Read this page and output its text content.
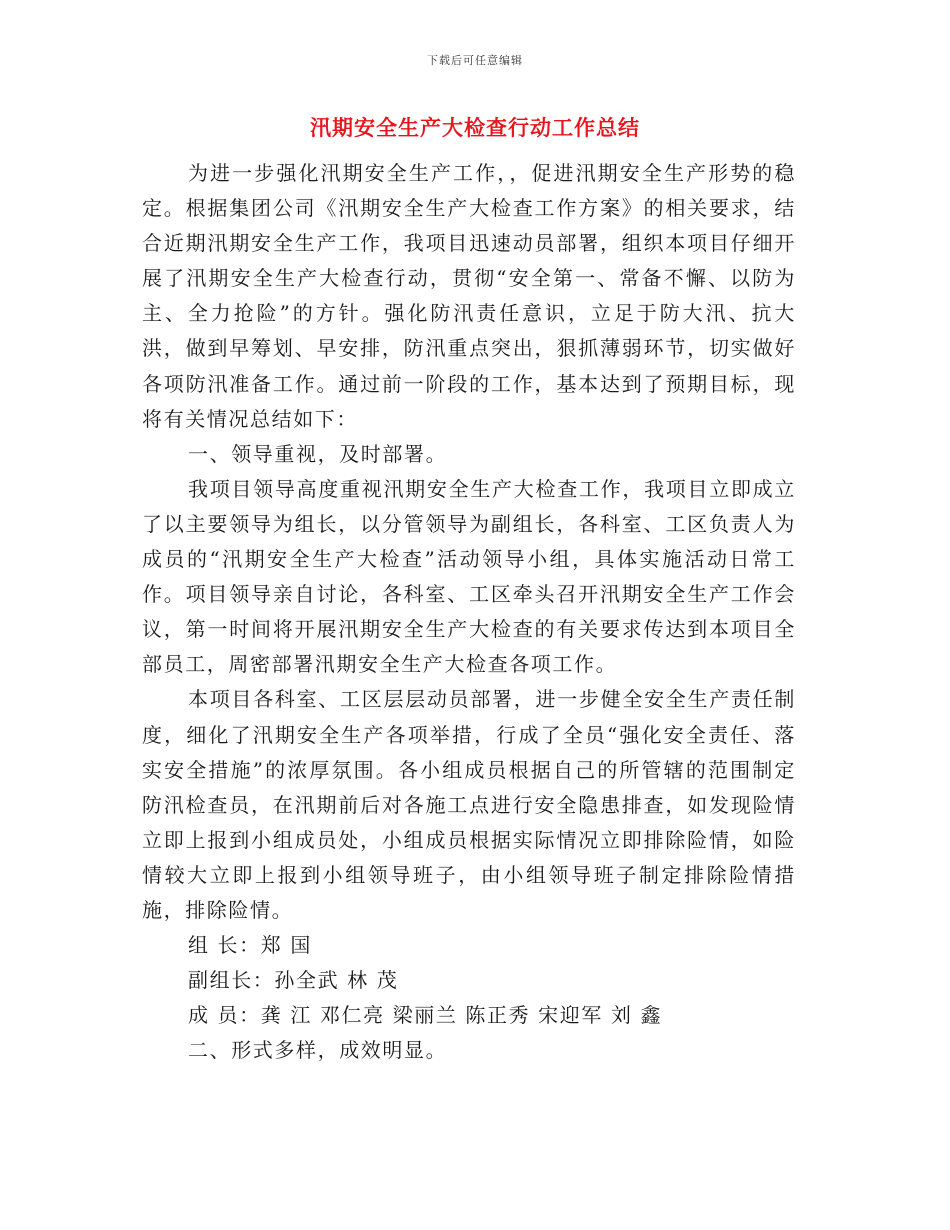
下载后可任意编辑
汛期安全生产大检查行动工作总结

为进一步强化汛期安全生产工作，，促进汛期安全生产形势的稳定。根据集团公司《汛期安全生产大检查工作方案》的相关要求，结合近期汛期安全生产工作，我项目迅速动员部署，组织本项目仔细开展了汛期安全生产大检查行动，贯彻“安全第一、常备不懈、以防为主、全力抢险”的方针。强化防汛责任意识，立足于防大汛、抗大洪，做到早筹划、早安排，防汛重点突出，狠抓薄弱环节，切实做好各项防汛准备工作。通过前一阶段的工作，基本达到了预期目标，现将有关情况总结如下：

一、领导重视，及时部署。

我项目领导高度重视汛期安全生产大检查工作，我项目立即成立了以主要领导为组长，以分管领导为副组长，各科室、工区负责人为成员的“汛期安全生产大检查”活动领导小组，具体实施活动日常工作。项目领导亲自讨论，各科室、工区牵头召开汛期安全生产工作会议，第一时间将开展汛期安全生产大检查的有关要求传达到本项目全部员工，周密部署汛期安全生产大检查各项工作。

本项目各科室、工区层层动员部署，进一步健全安全生产责任制度，细化了汛期安全生产各项举措，行成了全员“强化安全责任、落实安全措施”的浓厚氛围。各小组成员根据自己的所管辖的范围制定防汛检查员，在汛期前后对各施工点进行安全隐患排查，如发现险情立即上报到小组成员处，小组成员根据实际情况立即排除险情，如险情较大立即上报到小组领导班子，由小组领导班子制定排除险情措施，排除险情。

组 长：郑 国

副组长：孙全武 林 茂

成 员：龚 江 邓仁亮 梁丽兰 陈正秀 宋迎军 刘 鑫

二、形式多样，成效明显。
